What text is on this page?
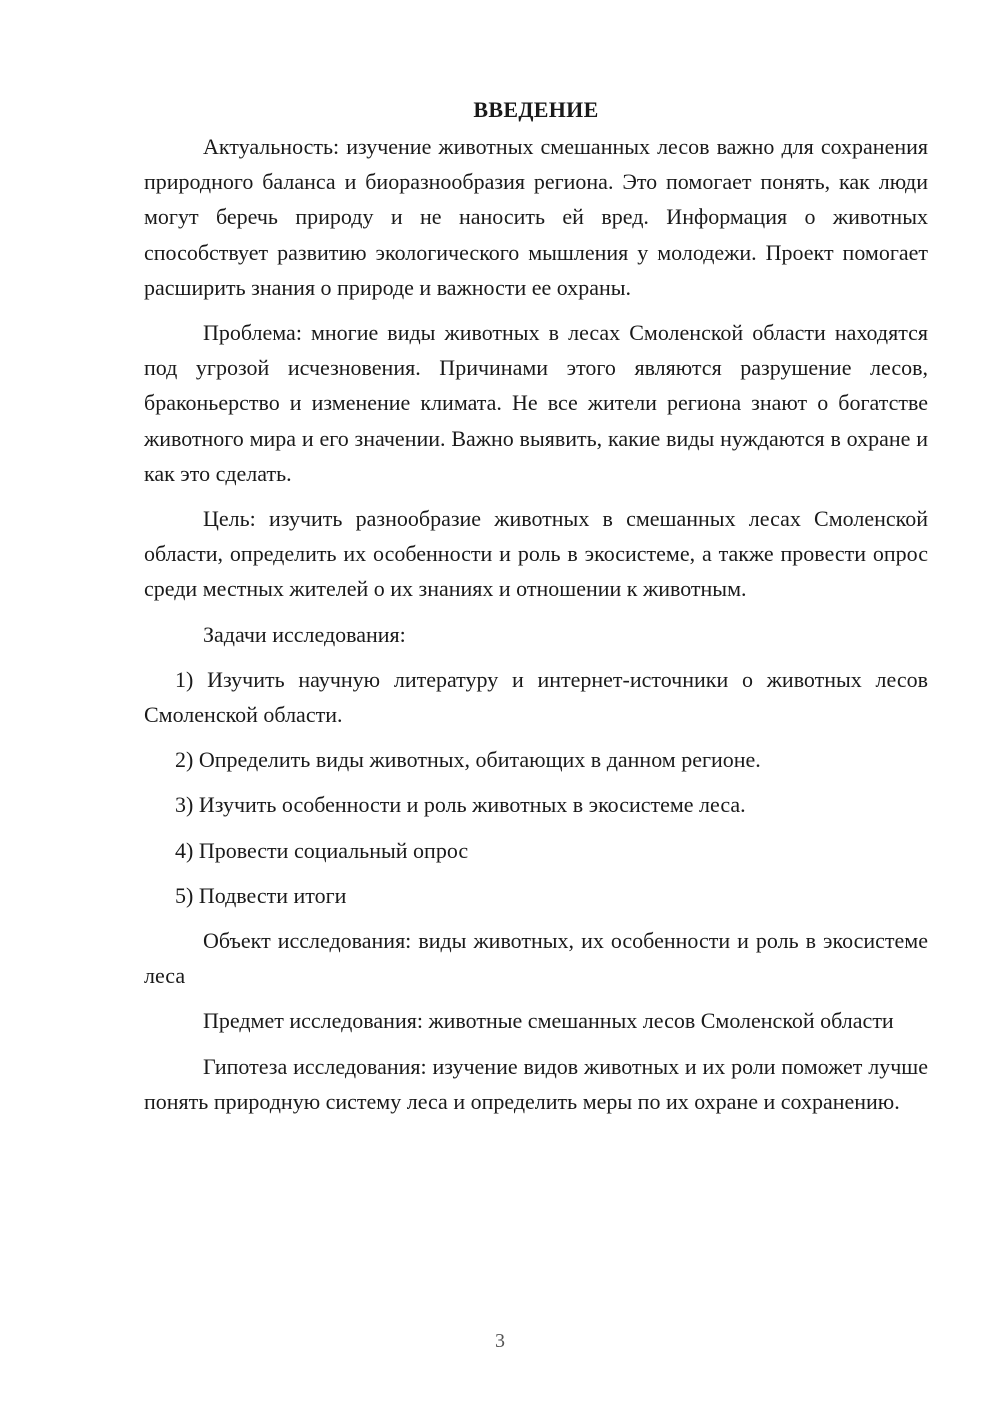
ВВЕДЕНИЕ

Актуальность: изучение животных смешанных лесов важно для сохранения природного баланса и биоразнообразия региона. Это помогает понять, как люди могут беречь природу и не наносить ей вред. Информация о животных способствует развитию экологического мышления у молодежи. Проект помогает расширить знания о природе и важности ее охраны.

Проблема: многие виды животных в лесах Смоленской области находятся под угрозой исчезновения. Причинами этого являются разрушение лесов, браконьерство и изменение климата. Не все жители региона знают о богатстве животного мира и его значении. Важно выявить, какие виды нуждаются в охране и как это сделать.

Цель: изучить разнообразие животных в смешанных лесах Смоленской области, определить их особенности и роль в экосистеме, а также провести опрос среди местных жителей о их знаниях и отношении к животным.

Задачи исследования:

1) Изучить научную литературу и интернет-источники о животных лесов Смоленской области.

2) Определить виды животных, обитающих в данном регионе.

3) Изучить особенности и роль животных в экосистеме леса.

4) Провести социальный опрос

5) Подвести итоги

Объект исследования: виды животных, их особенности и роль в экосистеме леса

Предмет исследования: животные смешанных лесов Смоленской области

Гипотеза исследования: изучение видов животных и их роли поможет лучше понять природную систему леса и определить меры по их охране и сохранению.

3
